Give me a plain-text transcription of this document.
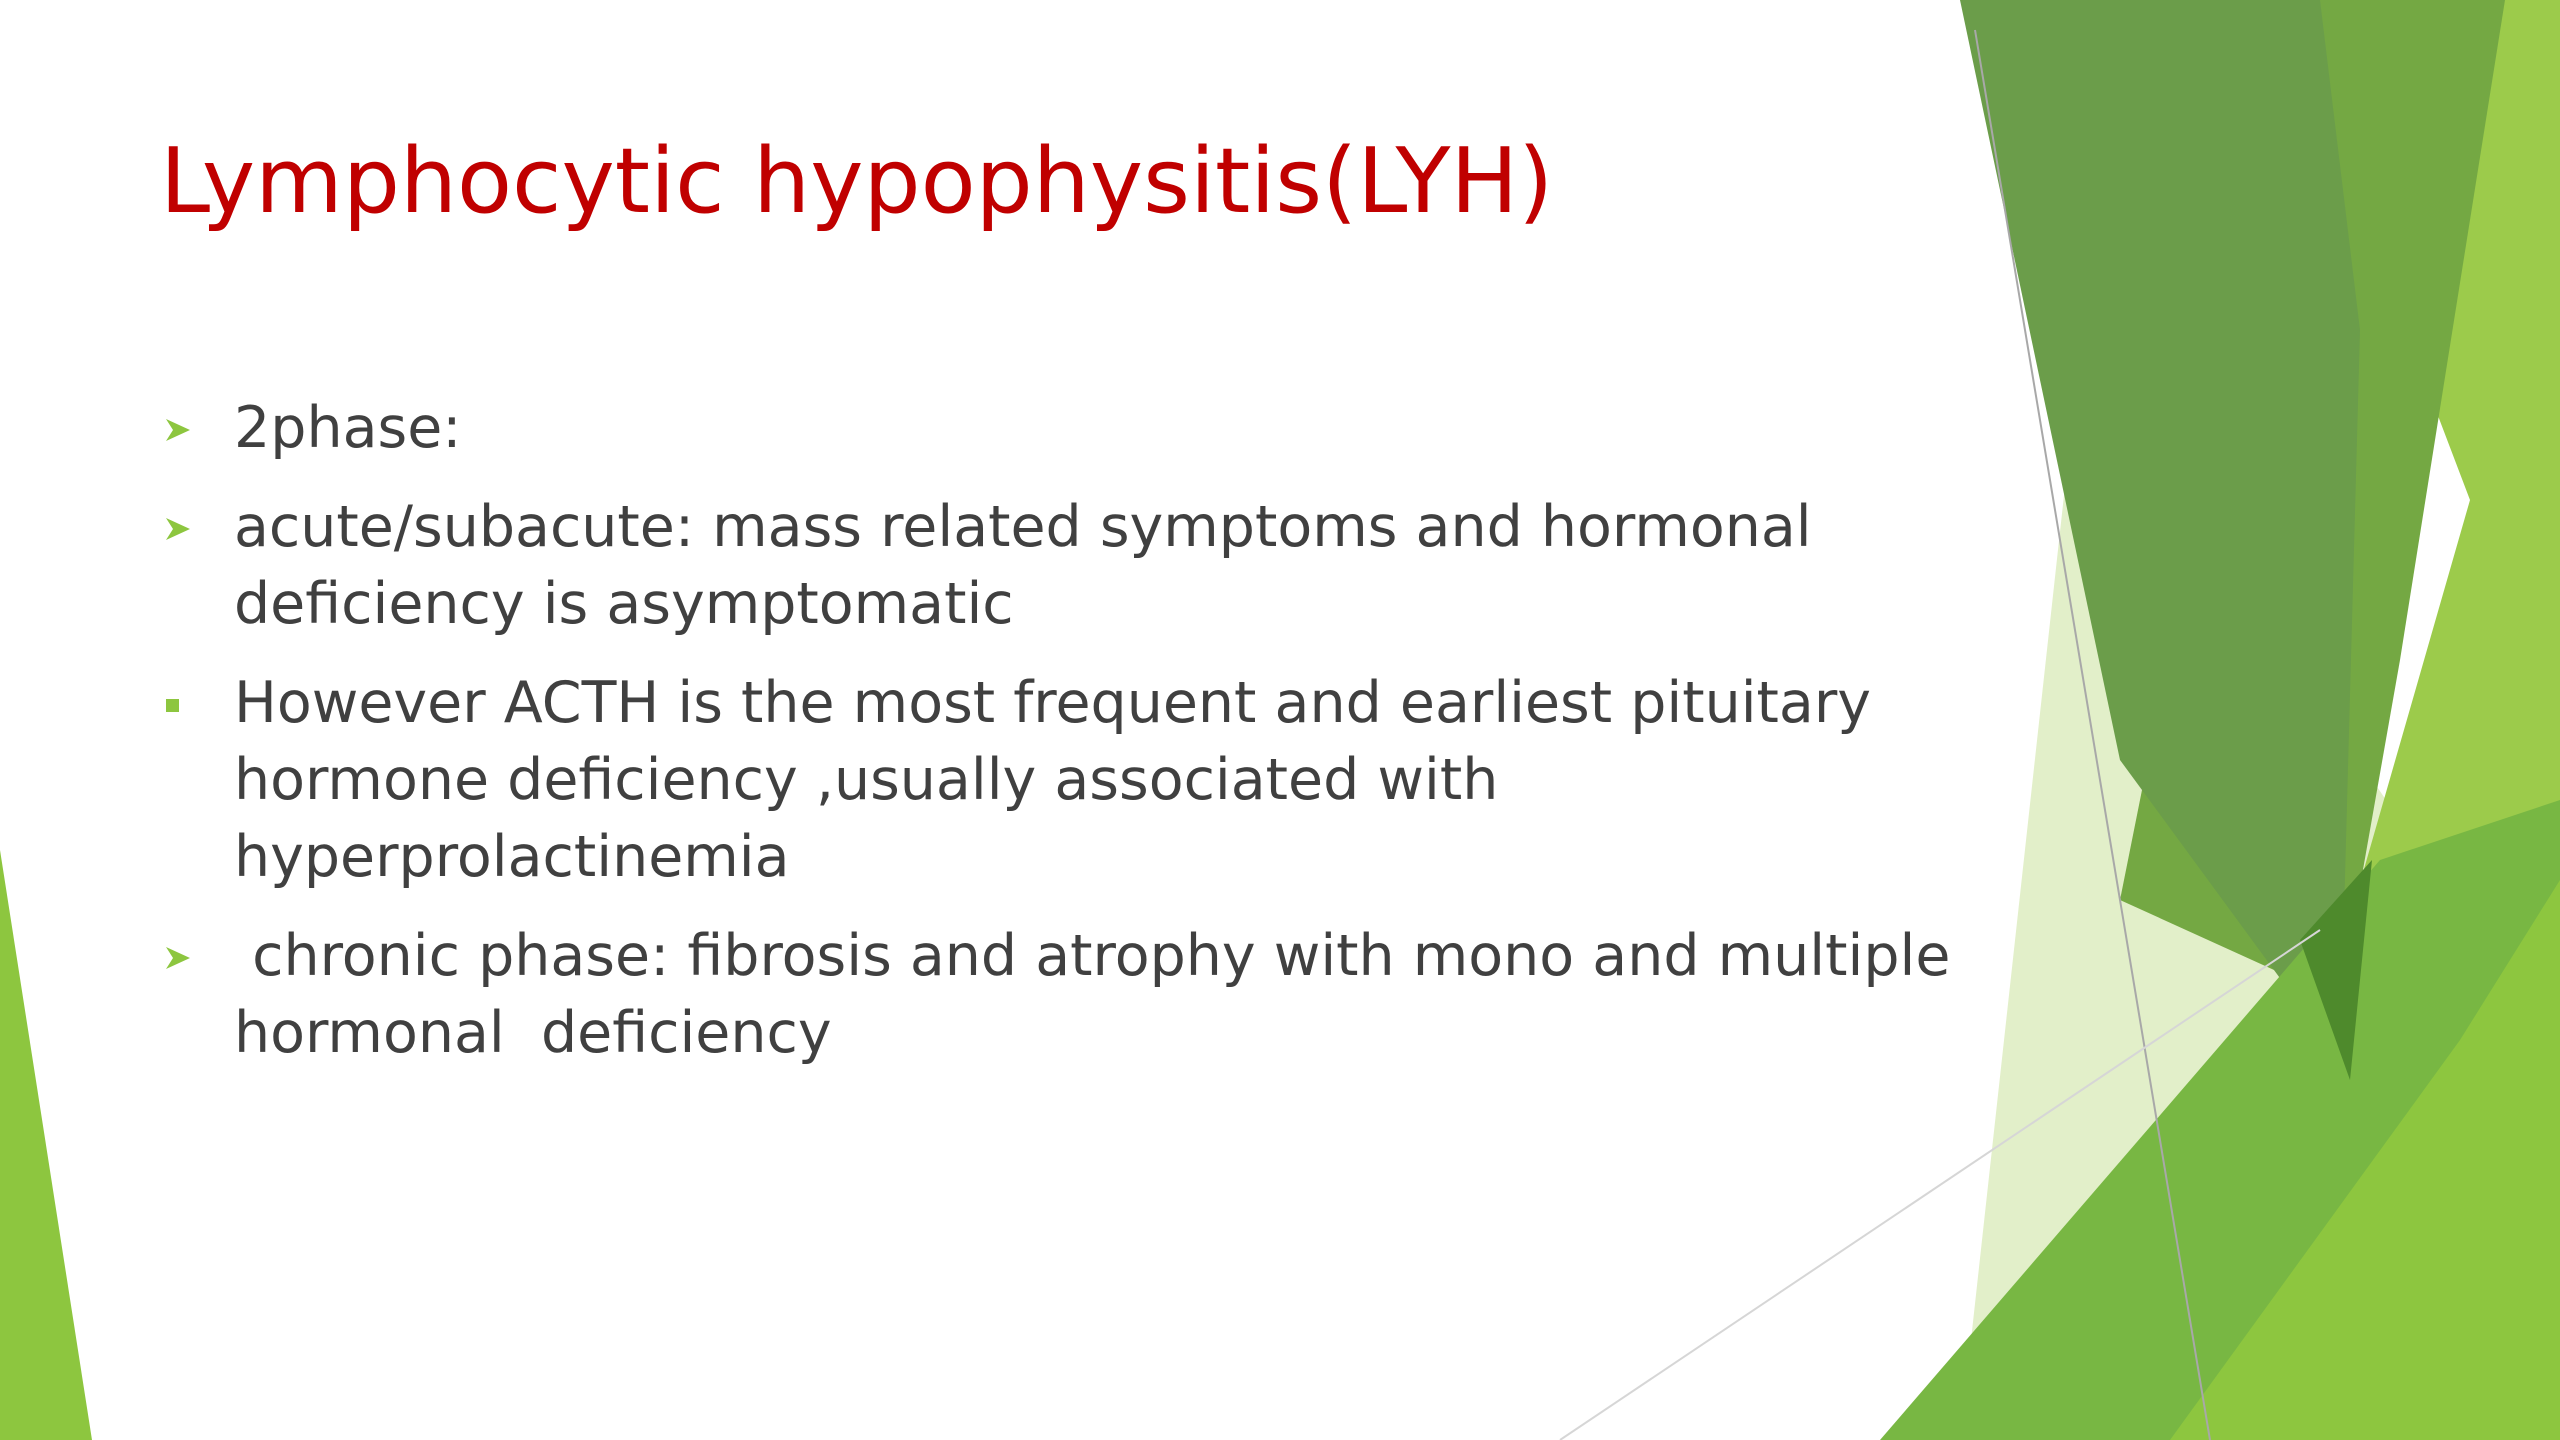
Lymphocytic hypophysitis(LYH)
2phase:
acute/subacute: mass related symptoms and hormonal deficiency is asymptomatic
However ACTH is the most frequent and earliest pituitary hormone deficiency ,usually associated with hyperprolactinemia
chronic phase: fibrosis and atrophy with mono and multiple hormonal  deficiency
